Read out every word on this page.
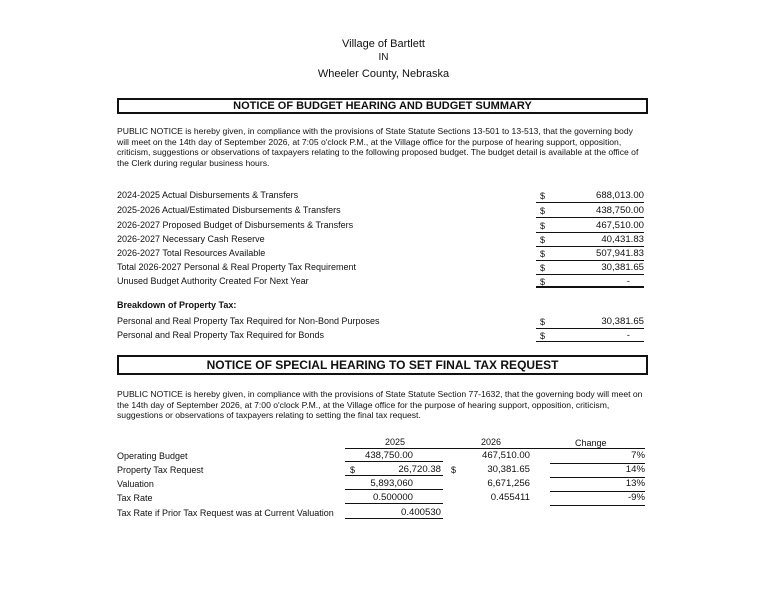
Village of Bartlett
IN
Wheeler County, Nebraska
NOTICE OF BUDGET HEARING AND BUDGET SUMMARY
PUBLIC NOTICE is hereby given, in compliance with the provisions of State Statute Sections 13-501 to 13-513, that the governing body will meet on the 14th day of September 2026, at 7:05 o'clock P.M., at the Village office for the purpose of hearing support, opposition, criticism, suggestions or observations of taxpayers relating to the following proposed budget. The budget detail is available at the office of the Clerk during regular business hours.
2024-2025 Actual Disbursements & Transfers	$	688,013.00
2025-2026 Actual/Estimated Disbursements & Transfers	$	438,750.00
2026-2027 Proposed Budget of Disbursements & Transfers	$	467,510.00
2026-2027 Necessary Cash Reserve	$	40,431.83
2026-2027 Total Resources Available	$	507,941.83
Total 2026-2027 Personal & Real Property Tax Requirement	$	30,381.65
Unused Budget Authority Created For Next Year	$	-
Breakdown of Property Tax:
Personal and Real Property Tax Required for Non-Bond Purposes	$	30,381.65
Personal and Real Property Tax Required for Bonds	$	-
NOTICE OF SPECIAL HEARING TO SET FINAL TAX REQUEST
PUBLIC NOTICE is hereby given, in compliance with the provisions of State Statute Section 77-1632, that the governing body will meet on the 14th day of September 2026, at 7:00 o'clock P.M., at the Village office for the purpose of hearing support, opposition, criticism, suggestions or observations of taxpayers relating to setting the final tax request.
2025	2026	Change
Operating Budget	438,750.00	467,510.00	7%
Property Tax Request	$	26,720.38 $	30,381.65	14%
Valuation	5,893,060	6,671,256	13%
Tax Rate	0.500000	0.455411	-9%
Tax Rate if Prior Tax Request was at Current Valuation	0.400530
